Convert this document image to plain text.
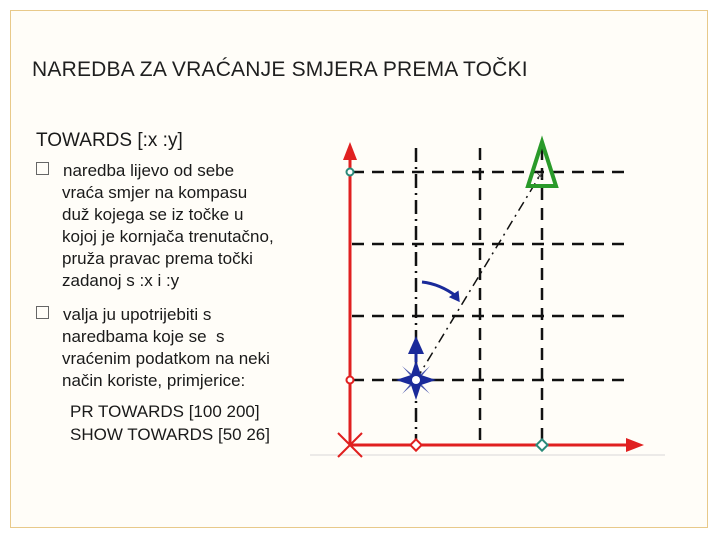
NAREDBA ZA VRAĆANJE SMJERA PREMA TOČKI
TOWARDS [:x :y]
naredba lijevo od sebe
vraća smjer na kompasu
duž kojega se iz točke u
kojoj je kornjača trenutačno,
pruža pravac prema točki
zadanoj s :x i :y
valja ju upotrijebiti s
naredbama koje se  s
vraćenim podatkom na neki
način koriste, primjerice:
PR TOWARDS [100 200]
SHOW TOWARDS [50 26]
×
